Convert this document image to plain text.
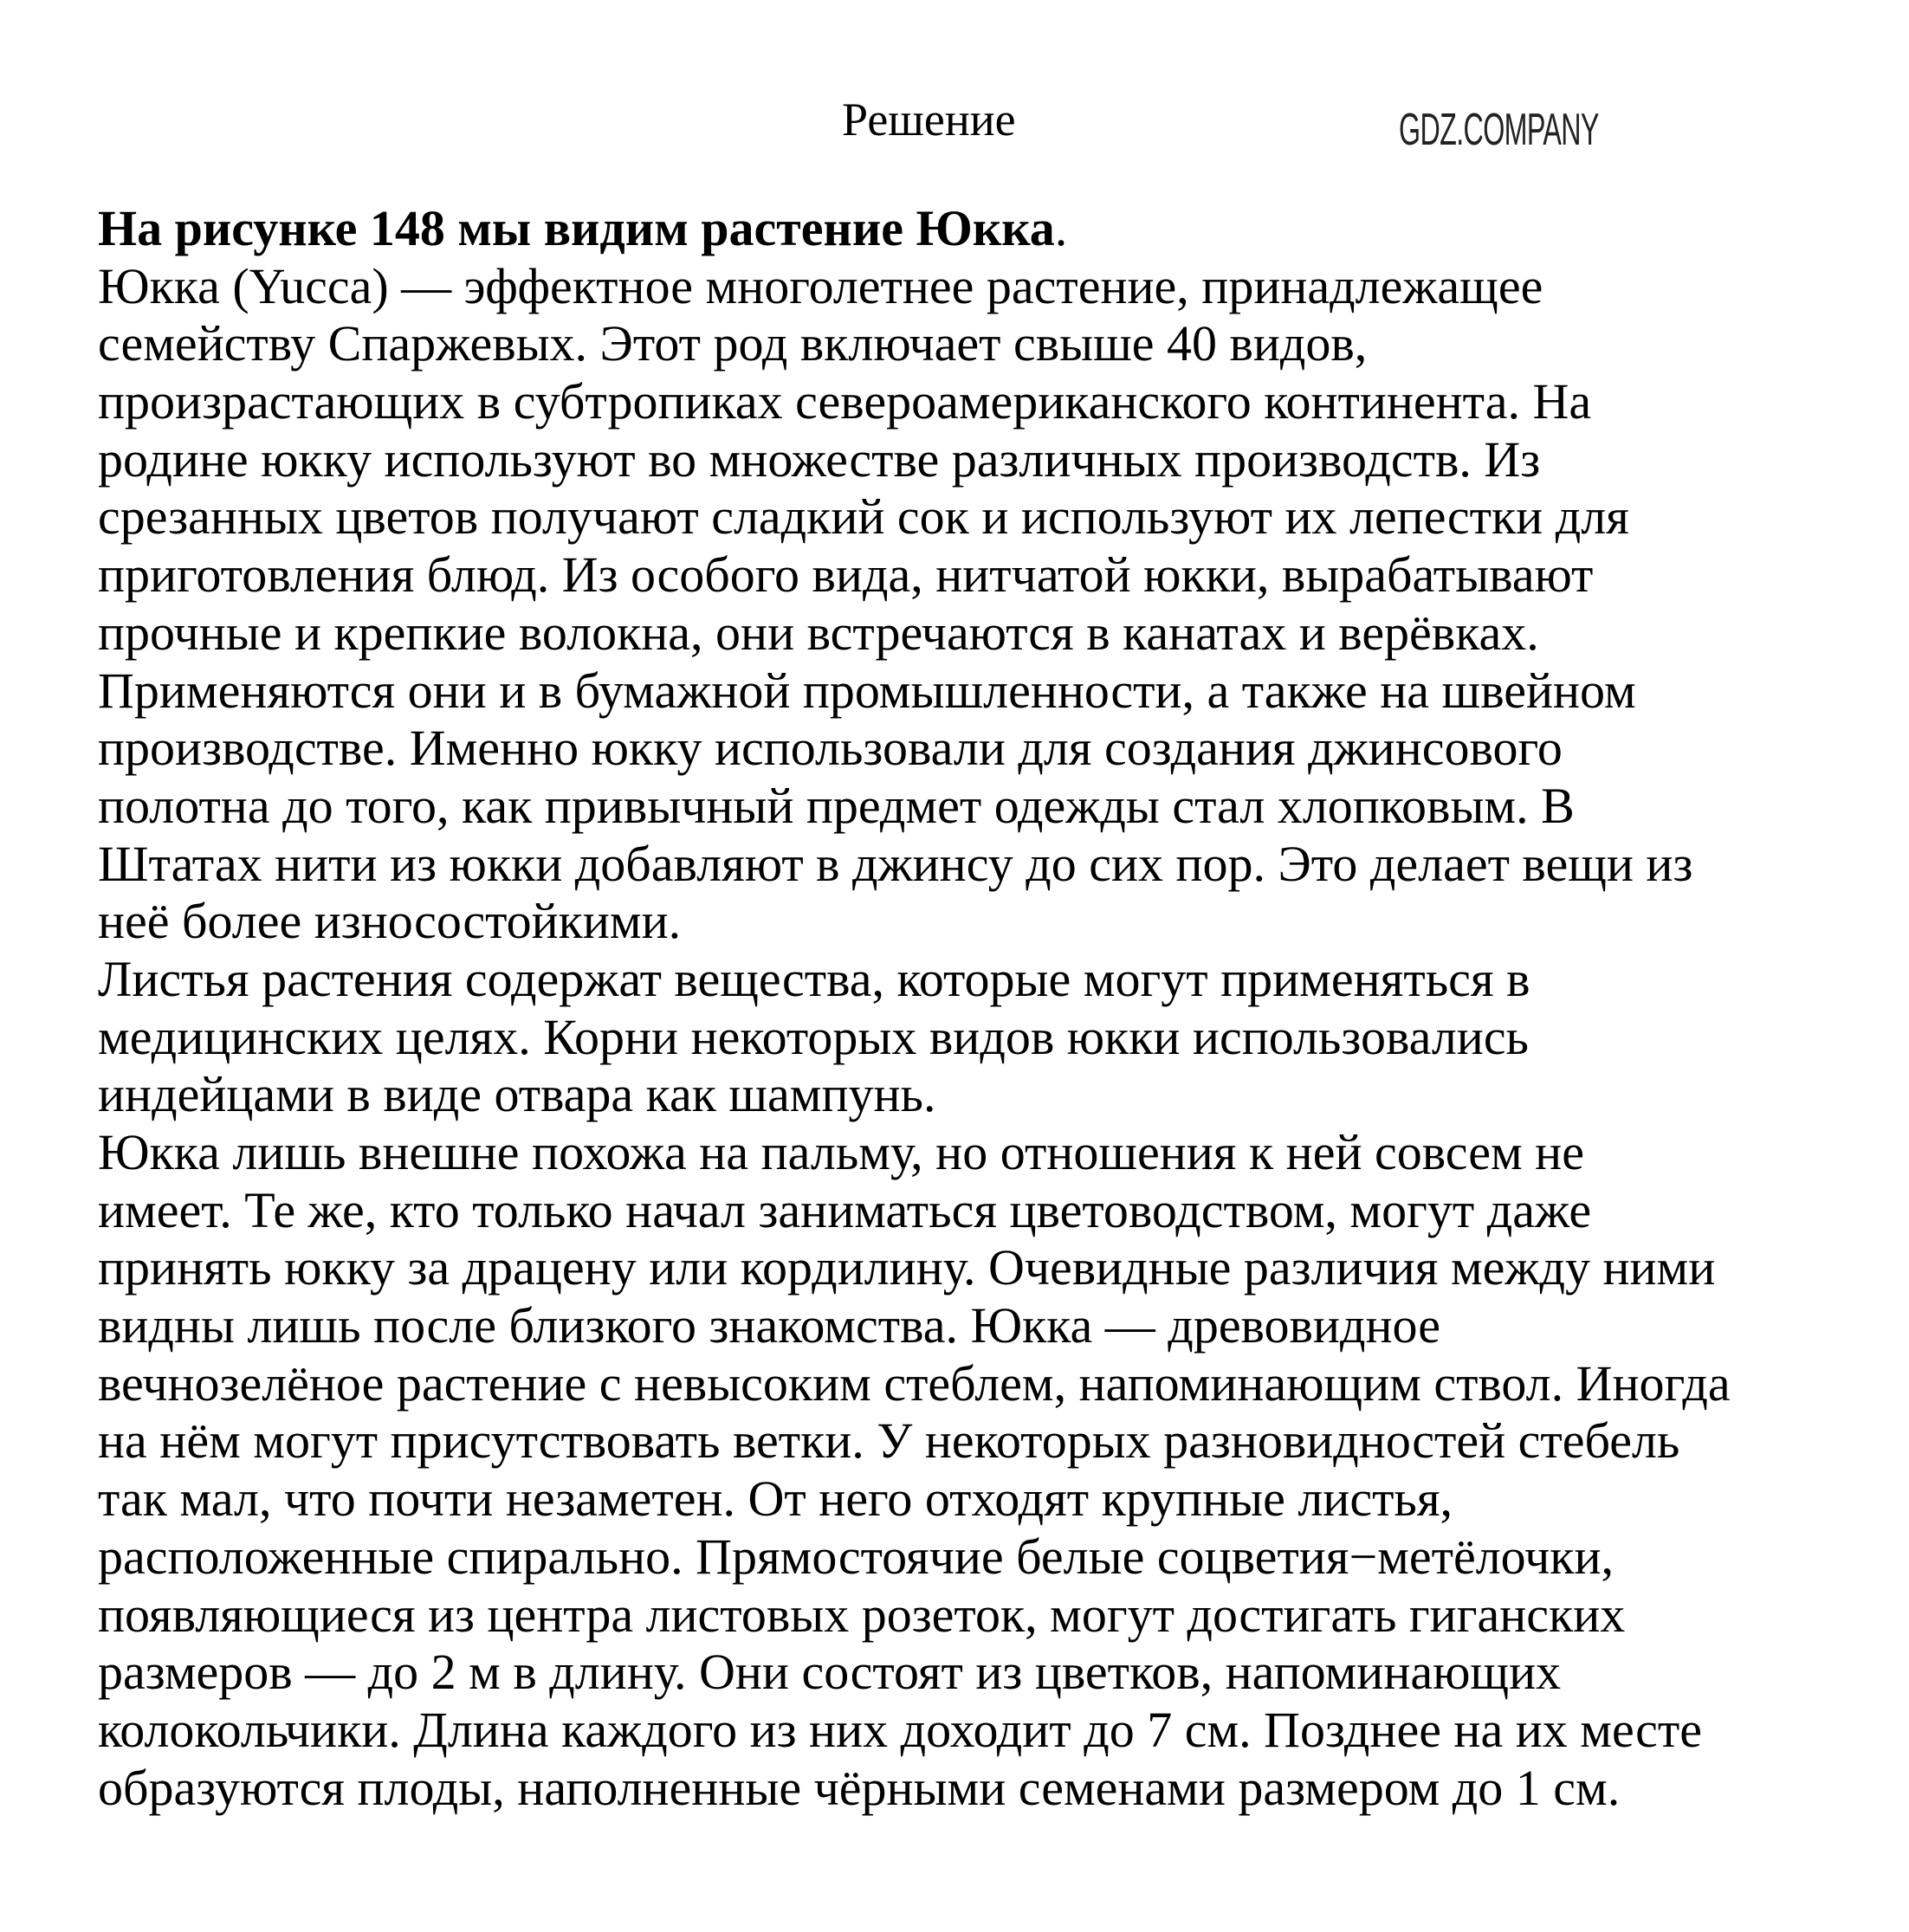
Решение
На рисунке 148 мы видим растение Юкка.
Юкка (Yucca) — эффектное многолетнее растение, принадлежащее
семейству Спаржевых. Этот род включает свыше 40 видов,
произрастающих в субтропиках североамериканского континента. На
родине юкку используют во множестве различных производств. Из
срезанных цветов получают сладкий сок и используют их лепестки для
приготовления блюд. Из особого вида, нитчатой юкки, вырабатывают
прочные и крепкие волокна, они встречаются в канатах и верёвках.
Применяются они и в бумажной промышленности, а также на швейном
производстве. Именно юкку использовали для создания джинсового
полотна до того, как привычный предмет одежды стал хлопковым. В
Штатах нити из юкки добавляют в джинсу до сих пор. Это делает вещи из
неё более износостойкими.
Листья растения содержат вещества, которые могут применяться в
медицинских целях. Корни некоторых видов юкки использовались
индейцами в виде отвара как шампунь.
Юкка лишь внешне похожа на пальму, но отношения к ней совсем не
имеет. Те же, кто только начал заниматься цветоводством, могут даже
принять юкку за драцену или кордилину. Очевидные различия между ними
видны лишь после близкого знакомства. Юкка — древовидное
вечнозелёное растение с невысоким стеблем, напоминающим ствол. Иногда
на нём могут присутствовать ветки. У некоторых разновидностей стебель
так мал, что почти незаметен. От него отходят крупные листья,
расположенные спирально. Прямостоячие белые соцветия−метёлочки,
появляющиеся из центра листовых розеток, могут достигать гиганских
размеров — до 2 м в длину. Они состоят из цветков, напоминающих
колокольчики. Длина каждого из них доходит до 7 см. Позднее на их месте
образуются плоды, наполненные чёрными семенами размером до 1 см.
GDZ.COMPANY
